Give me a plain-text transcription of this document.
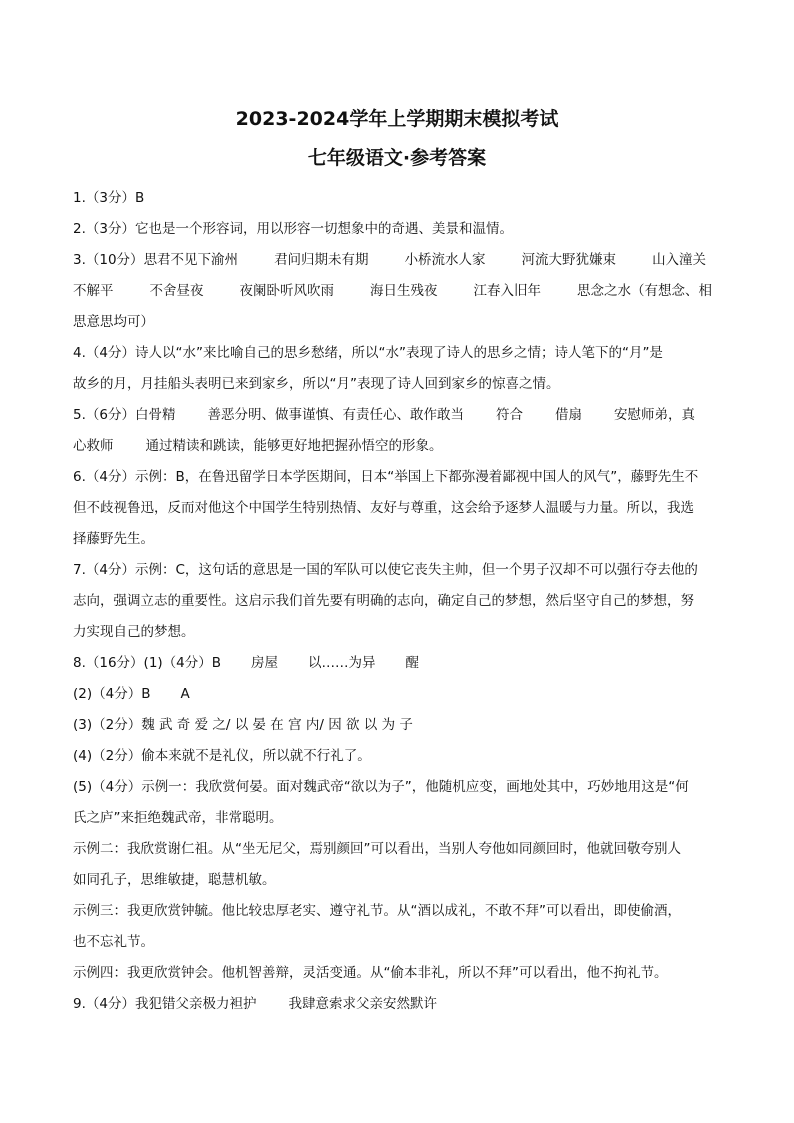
2023-2024学年上学期期末模拟考试
七年级语文·参考答案
1.（3分）B
2.（3分）它也是一个形容词，用以形容一切想象中的奇遇、美景和温情。
3.（10分）思君不见下渝州	君问归期未有期	小桥流水人家	河流大野犹嫌束	山入潼关
不解平	不舍昼夜	夜阑卧听风吹雨	海日生残夜	江春入旧年	思念之水（有想念、相
思意思均可）
4.（4分）诗人以“水”来比喻自己的思乡愁绪，所以“水”表现了诗人的思乡之情；诗人笔下的“月”是
故乡的月，月挂船头表明已来到家乡，所以“月”表现了诗人回到家乡的惊喜之情。
5.（6分）白骨精 善恶分明、做事谨慎、有责任心、敢作敢当 符合 借扇 安慰师弟，真
心救师 通过精读和跳读，能够更好地把握孙悟空的形象。
6.（4分）示例：B，在鲁迅留学日本学医期间，日本“举国上下都弥漫着鄙视中国人的风气”，藤野先生不
但不歧视鲁迅，反而对他这个中国学生特别热情、友好与尊重，这会给予逐梦人温暖与力量。所以，我选
择藤野先生。
7.（4分）示例：C，这句话的意思是一国的军队可以使它丧失主帅，但一个男子汉却不可以强行夺去他的
志向，强调立志的重要性。这启示我们首先要有明确的志向，确定自己的梦想，然后坚守自己的梦想，努
力实现自己的梦想。
8.（16分）(1)（4分）B 房屋 以……为异 醒
(2)（4分）B A
(3)（2分）魏 武 奇 爱 之/ 以 晏 在 宫 内/ 因 欲 以 为 子
(4)（2分）偷本来就不是礼仪，所以就不行礼了。
(5)（4分）示例一：我欣赏何晏。面对魏武帝“欲以为子”，他随机应变，画地处其中，巧妙地用这是“何
氏之庐”来拒绝魏武帝，非常聪明。
示例二：我欣赏谢仁祖。从“坐无尼父，焉别颜回”可以看出，当别人夸他如同颜回时，他就回敬夸别人
如同孔子，思维敏捷，聪慧机敏。
示例三：我更欣赏钟毓。他比较忠厚老实、遵守礼节。从“酒以成礼，不敢不拜”可以看出，即使偷酒，
也不忘礼节。
示例四：我更欣赏钟会。他机智善辩，灵活变通。从“偷本非礼，所以不拜”可以看出，他不拘礼节。
9.（4分）我犯错父亲极力袒护 我肆意索求父亲安然默许
